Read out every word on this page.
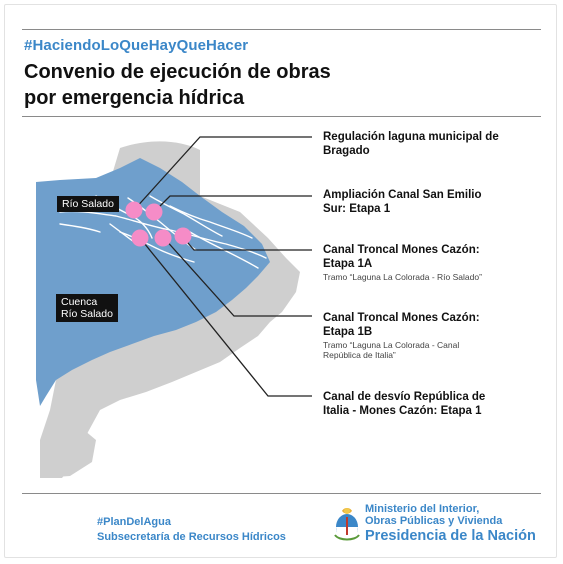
#HaciendoLoQueHayQueHacer
Convenio de ejecución de obras
por emergencia hídrica
Río Salado
Cuenca
Río Salado
Regulación laguna municipal de
Bragado
Ampliación Canal San Emilio
Sur: Etapa 1
Canal Troncal Mones Cazón:
Etapa 1A
Tramo “Laguna La Colorada - Río Salado”
Canal Troncal Mones Cazón:
Etapa 1B
Tramo “Laguna La Colorada - Canal
República de Italia”
Canal de desvío República de
Italia - Mones Cazón: Etapa 1
#PlanDelAgua
Subsecretaría de Recursos Hídricos
Ministerio del Interior,
Obras Públicas y Vivienda
Presidencia de la Nación
